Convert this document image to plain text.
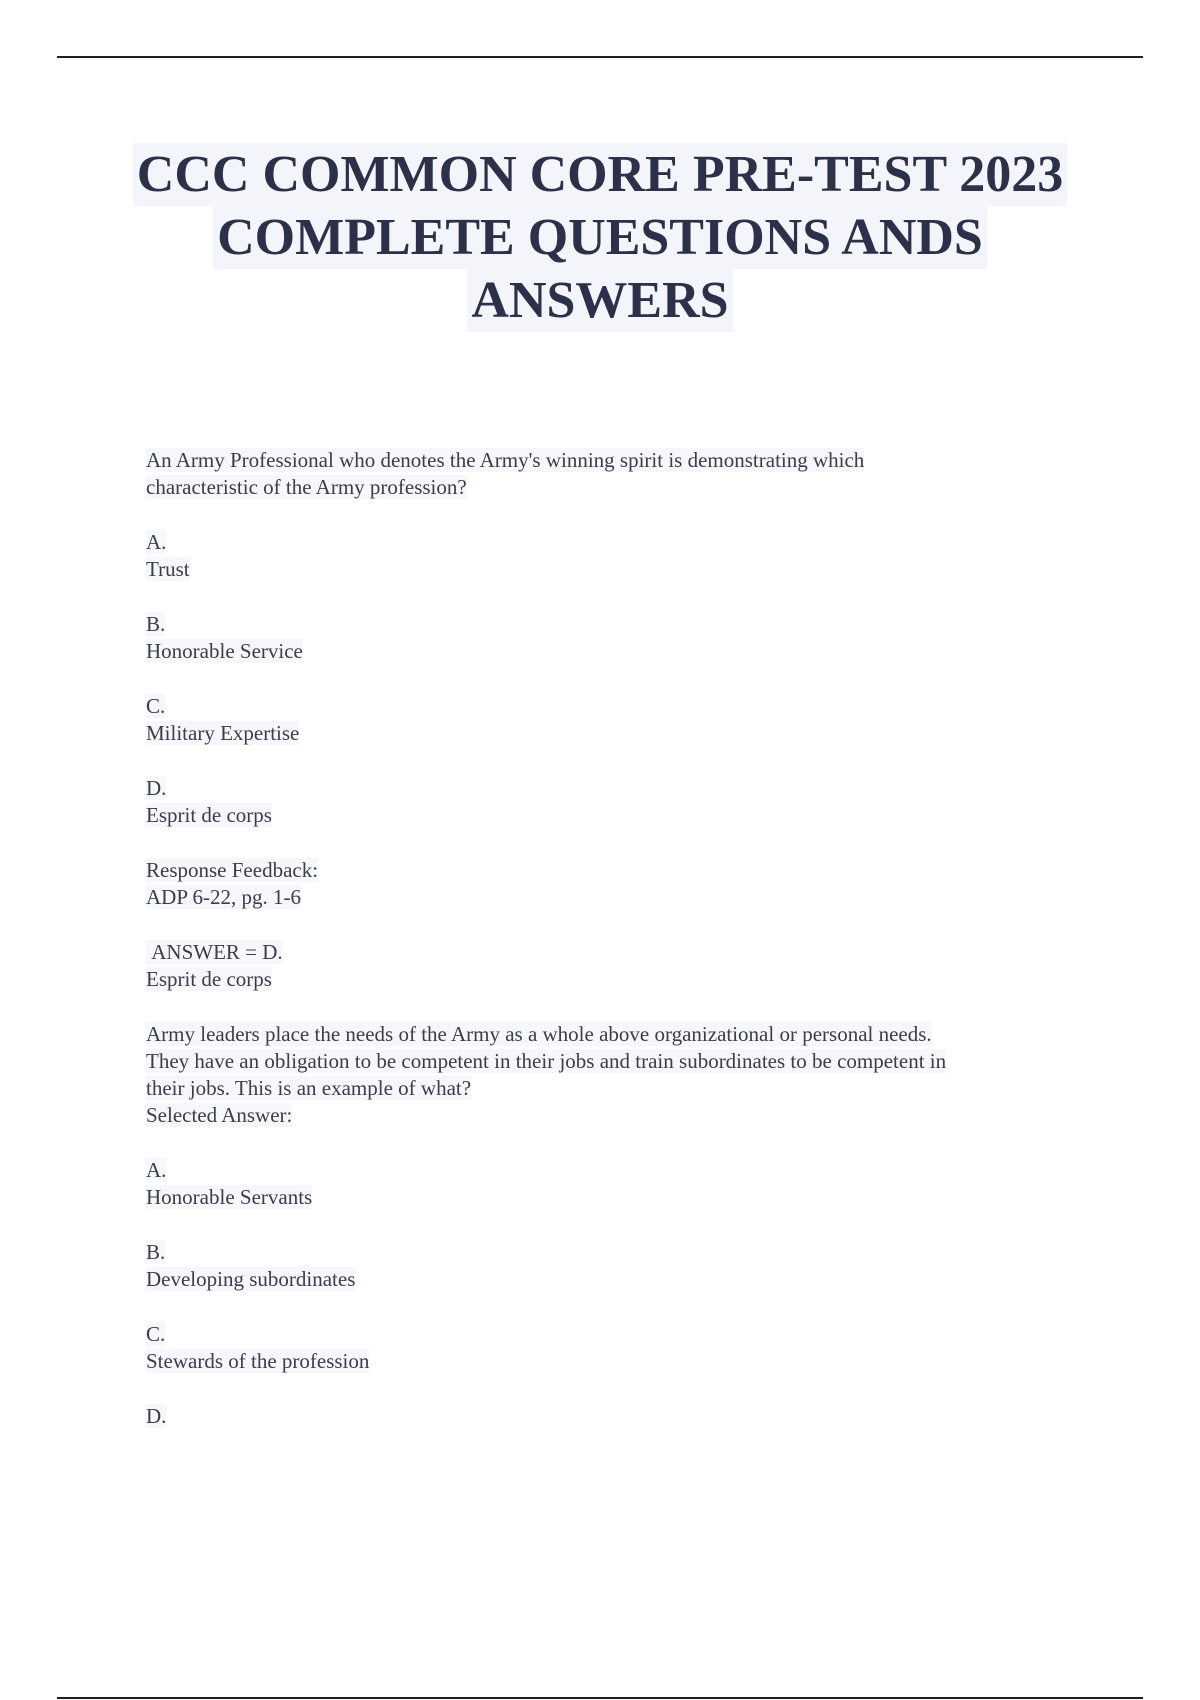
CCC COMMON CORE PRE-TEST 2023
COMPLETE QUESTIONS ANDS
ANSWERS
An Army Professional who denotes the Army's winning spirit is demonstrating which
characteristic of the Army profession?
A.
Trust
B.
Honorable Service
C.
Military Expertise
D.
Esprit de corps
Response Feedback:
ADP 6-22, pg. 1-6
ANSWER = D.
Esprit de corps
Army leaders place the needs of the Army as a whole above organizational or personal needs.
They have an obligation to be competent in their jobs and train subordinates to be competent in
their jobs. This is an example of what?
Selected Answer:
A.
Honorable Servants
B.
Developing subordinates
C.
Stewards of the profession
D.
